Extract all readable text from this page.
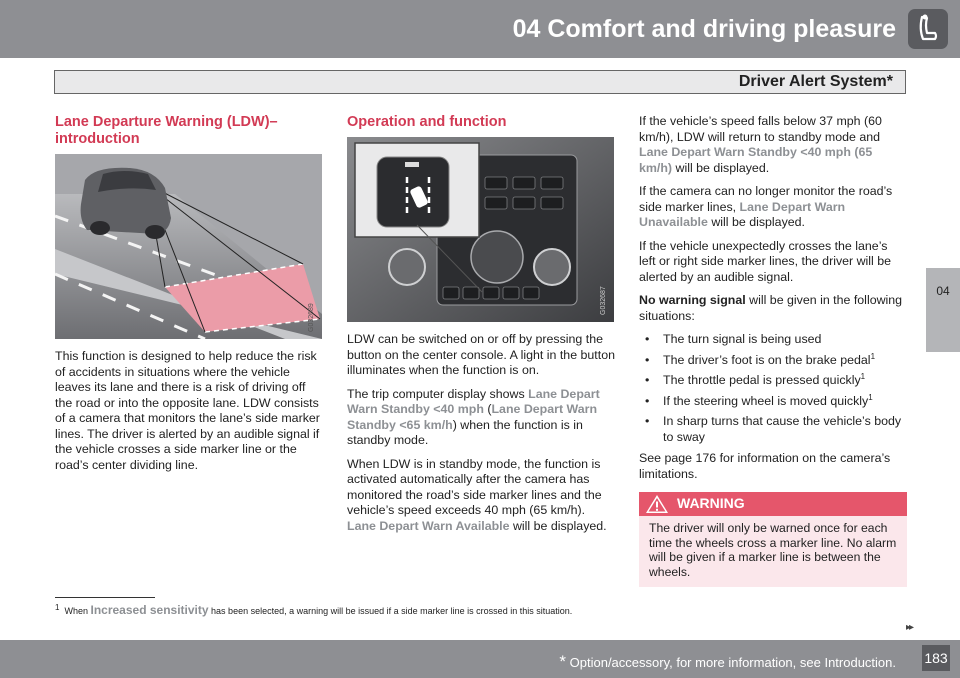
04 Comfort and driving pleasure
Driver Alert System*
04
Lane Departure Warning (LDW)– introduction
G032689

This function is designed to help reduce the risk of accidents in situations where the vehicle leaves its lane and there is a risk of driving off the road or into the opposite lane. LDW consists of a camera that monitors the lane’s side marker lines. The driver is alerted by an audible signal if the vehicle crosses a side marker line or the road’s center dividing line.

Operation and function
G032687

LDW can be switched on or off by pressing the button on the center console. A light in the button illuminates when the function is on.

The trip computer display shows Lane Depart Warn Standby <40 mph (Lane Depart Warn Standby <65 km/h) when the function is in standby mode.

When LDW is in standby mode, the function is activated automatically after the camera has monitored the road’s side marker lines and the vehicle’s speed exceeds 40 mph (65 km/h). Lane Depart Warn Available will be displayed.

If the vehicle’s speed falls below 37 mph (60 km/h), LDW will return to standby mode and Lane Depart Warn Standby <40 mph (65 km/h) will be displayed.

If the camera can no longer monitor the road’s side marker lines, Lane Depart Warn Unavailable will be displayed.

If the vehicle unexpectedly crosses the lane’s left or right side marker lines, the driver will be alerted by an audible signal.

No warning signal will be given in the following situations:

• The turn signal is being used
• The driver’s foot is on the brake pedal$^1$
• The throttle pedal is pressed quickly$^1$
• If the steering wheel is moved quickly$^1$
• In sharp turns that cause the vehicle’s body to sway

See page 176 for information on the camera’s limitations.

WARNING
The driver will only be warned once for each time the wheels cross a marker line. No alarm will be given if a marker line is between the wheels.
$^1$ When Increased sensitivity has been selected, a warning will be issued if a side marker line is crossed in this situation.
▸▸
* Option/accessory, for more information, see Introduction. 183
